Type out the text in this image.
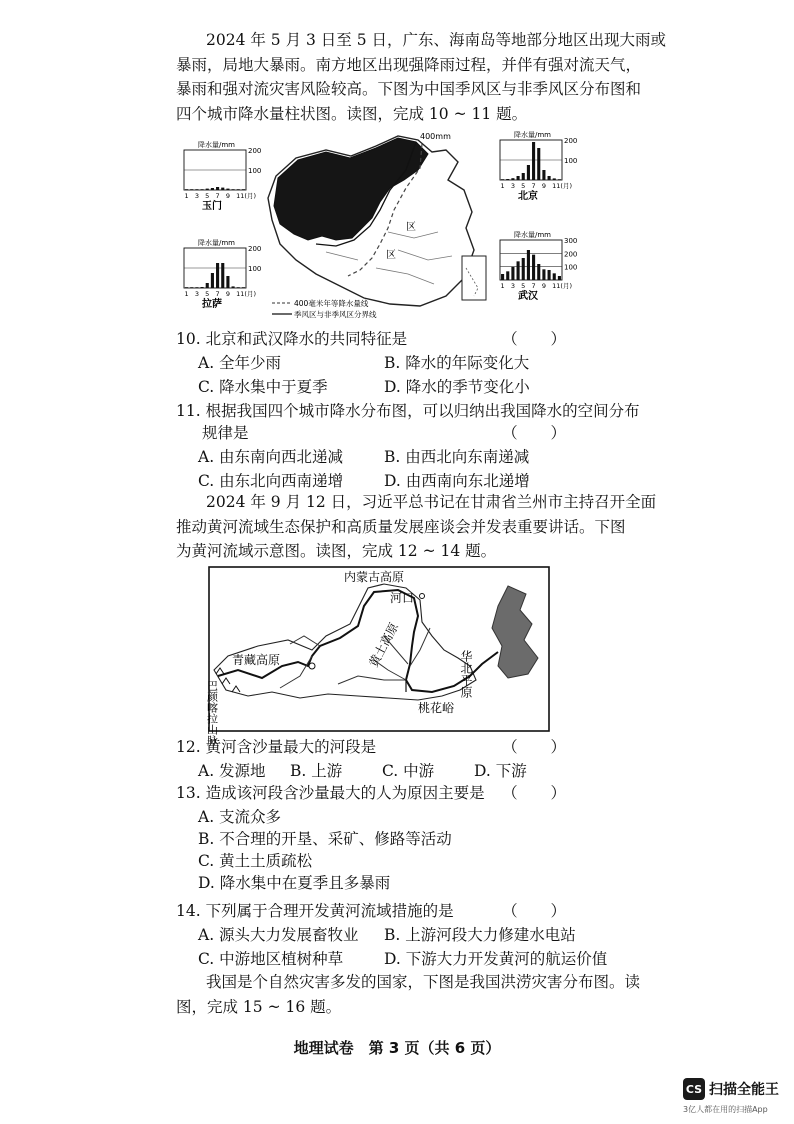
2024 年 5 月 3 日至 5 日，广东、海南岛等地部分地区出现大雨或
暴雨，局地大暴雨。南方地区出现强降雨过程，并伴有强对流天气，
暴雨和强对流灾害风险较高。下图为中国季风区与非季风区分布图和
四个城市降水量柱状图。读图，完成 10 ~ 11 题。
400mm
区
区
400毫米年等降水量线
季风区与非季风区分界线
降水量/mm
200
100
1 3 5 7 9 11(月)
玉门
降水量/mm
200
100
1 3 5 7 9 11(月)
拉萨
降水量/mm
200
100
1 3 5 7 9 11(月)
北京
降水量/mm
300
200
100
1 3 5 7 9 11(月)
武汉
10. 北京和武汉降水的共同特征是	（ ）
A. 全年少雨	B. 降水的年际变化大
C. 降水集中于夏季	D. 降水的季节变化小
11. 根据我国四个城市降水分布图，可以归纳出我国降水的空间分布
规律是	（ ）
A. 由东南向西北递减	B. 由西北向东南递减
C. 由东北向西南递增	D. 由西南向东北递增
2024 年 9 月 12 日，习近平总书记在甘肃省兰州市主持召开全面
推动黄河流域生态保护和高质量发展座谈会并发表重要讲话。下图
为黄河流域示意图。读图，完成 12 ~ 14 题。
内蒙古高原
河口
青藏高原	黄土高原
华北平原
巴颜喀拉山脉	桃花峪
12. 黄河含沙量最大的河段是	（ ）
A. 发源地	B. 上游	C. 中游	D. 下游
13. 造成该河段含沙量最大的人为原因主要是 （ ）
A. 支流众多
B. 不合理的开垦、采矿、修路等活动
C. 黄土土质疏松
D. 降水集中在夏季且多暴雨
14. 下列属于合理开发黄河流域措施的是	（ ）
A. 源头大力发展畜牧业	B. 上游河段大力修建水电站
C. 中游地区植树种草	D. 下游大力开发黄河的航运价值
我国是个自然灾害多发的国家，下图是我国洪涝灾害分布图。读
图，完成 15 ~ 16 题。
地理试卷　第 3 页（共 6 页）
CS 扫描全能王
3亿人都在用的扫描App
